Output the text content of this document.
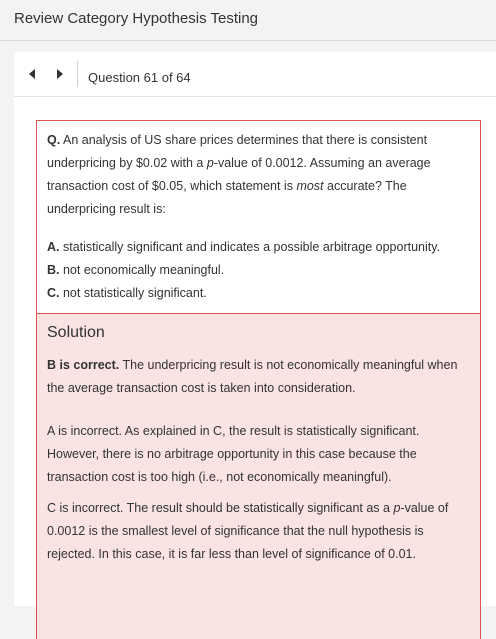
Review Category Hypothesis Testing
Question 61 of 64
Q. An analysis of US share prices determines that there is consistent underpricing by $0.02 with a p-value of 0.0012. Assuming an average transaction cost of $0.05, which statement is most accurate? The underpricing result is:
A. statistically significant and indicates a possible arbitrage opportunity.
B. not economically meaningful.
C. not statistically significant.
Solution
B is correct. The underpricing result is not economically meaningful when the average transaction cost is taken into consideration.
A is incorrect. As explained in C, the result is statistically significant. However, there is no arbitrage opportunity in this case because the transaction cost is too high (i.e., not economically meaningful).
C is incorrect. The result should be statistically significant as a p-value of 0.0012 is the smallest level of significance that the null hypothesis is rejected. In this case, it is far less than level of significance of 0.01.
